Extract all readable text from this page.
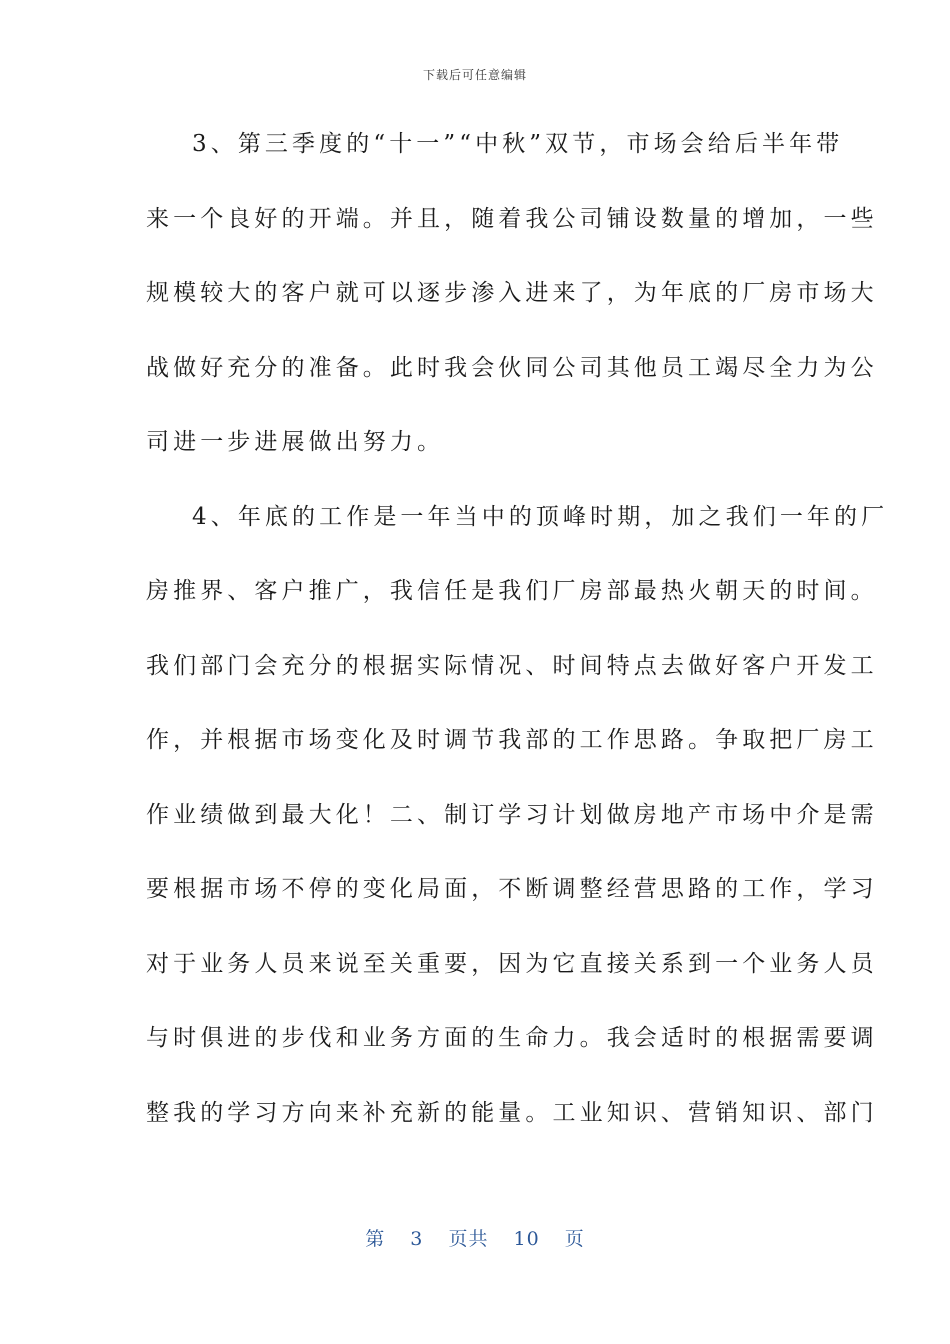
下载后可任意编辑
3、第三季度的“十一”“中秋”双节，市场会给后半年带
来一个良好的开端。并且，随着我公司铺设数量的增加，一些
规模较大的客户就可以逐步渗入进来了，为年底的厂房市场大
战做好充分的准备。此时我会伙同公司其他员工竭尽全力为公
司进一步进展做出努力。
4、年底的工作是一年当中的顶峰时期，加之我们一年的厂
房推界、客户推广，我信任是我们厂房部最热火朝天的时间。
我们部门会充分的根据实际情况、时间特点去做好客户开发工
作，并根据市场变化及时调节我部的工作思路。争取把厂房工
作业绩做到最大化！二、制订学习计划做房地产市场中介是需
要根据市场不停的变化局面，不断调整经营思路的工作，学习
对于业务人员来说至关重要，因为它直接关系到一个业务人员
与时俱进的步伐和业务方面的生命力。我会适时的根据需要调
整我的学习方向来补充新的能量。工业知识、营销知识、部门
第 3 页共 10 页
